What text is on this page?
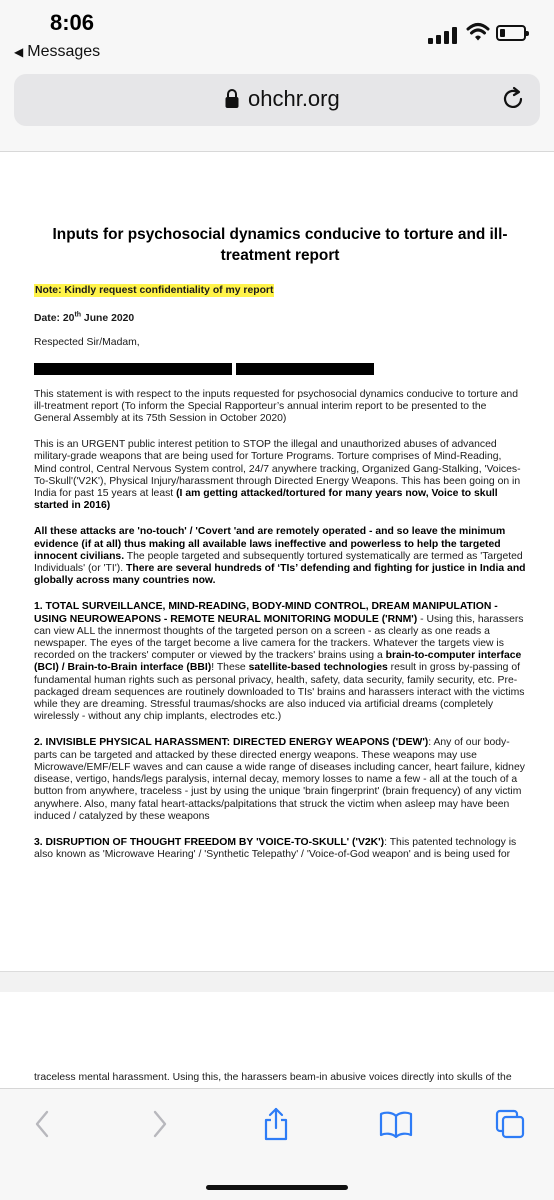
8:06
◀ Messages
ohchr.org
Inputs for psychosocial dynamics conducive to torture and ill-treatment report
Note: Kindly request confidentiality of my report
Date: 20th June 2020
Respected Sir/Madam,
This statement is with respect to the inputs requested for psychosocial dynamics conducive to torture and ill-treatment report (To inform the Special Rapporteur’s annual interim report to be presented to the General Assembly at its 75th Session in October 2020)
This is an URGENT public interest petition to STOP the illegal and unauthorized abuses of advanced military-grade weapons that are being used for Torture Programs. Torture comprises of Mind-Reading, Mind control, Central Nervous System control, 24/7 anywhere tracking, Organized Gang-Stalking, 'Voices-To-Skull'('V2K'), Physical Injury/harassment through Directed Energy Weapons. This has been going on in India for past 15 years at least (I am getting attacked/tortured for many years now, Voice to skull started in 2016)
All these attacks are 'no-touch' / 'Covert 'and are remotely operated - and so leave the minimum evidence (if at all) thus making all available laws ineffective and powerless to help the targeted innocent civilians. The people targeted and subsequently tortured systematically are termed as 'Targeted Individuals' (or 'TI'). There are several hundreds of ‘TIs’ defending and fighting for justice in India and globally across many countries now.
1. TOTAL SURVEILLANCE, MIND-READING, BODY-MIND CONTROL, DREAM MANIPULATION - USING NEUROWEAPONS - REMOTE NEURAL MONITORING MODULE ('RNM') - Using this, harassers can view ALL the innermost thoughts of the targeted person on a screen - as clearly as one reads a newspaper. The eyes of the target become a live camera for the trackers. Whatever the targets view is recorded on the trackers' computer or viewed by the trackers' brains using a brain-to-computer interface (BCI) / Brain-to-Brain interface (BBI)! These satellite-based technologies result in gross by-passing of fundamental human rights such as personal privacy, health, safety, data security, family security, etc. Pre-packaged dream sequences are routinely downloaded to TIs' brains and harassers interact with the victims while they are dreaming. Stressful traumas/shocks are also induced via artificial dreams (completely wirelessly - without any chip implants, electrodes etc.)
2. INVISIBLE PHYSICAL HARASSMENT: DIRECTED ENERGY WEAPONS ('DEW'): Any of our body-parts can be targeted and attacked by these directed energy weapons. These weapons may use Microwave/EMF/ELF waves and can cause a wide range of diseases including cancer, heart failure, kidney disease, vertigo, hands/legs paralysis, internal decay, memory losses to name a few - all at the touch of a button from anywhere, traceless - just by using the unique 'brain fingerprint' (brain frequency) of any victim anywhere. Also, many fatal heart-attacks/palpitations that struck the victim when asleep may have been induced / catalyzed by these weapons
3. DISRUPTION OF THOUGHT FREEDOM BY 'VOICE-TO-SKULL' ('V2K'): This patented technology is also known as 'Microwave Hearing' / 'Synthetic Telepathy' / 'Voice-of-God weapon' and is being used for
traceless mental harassment. Using this, the harassers beam-in abusive voices directly into skulls of the
